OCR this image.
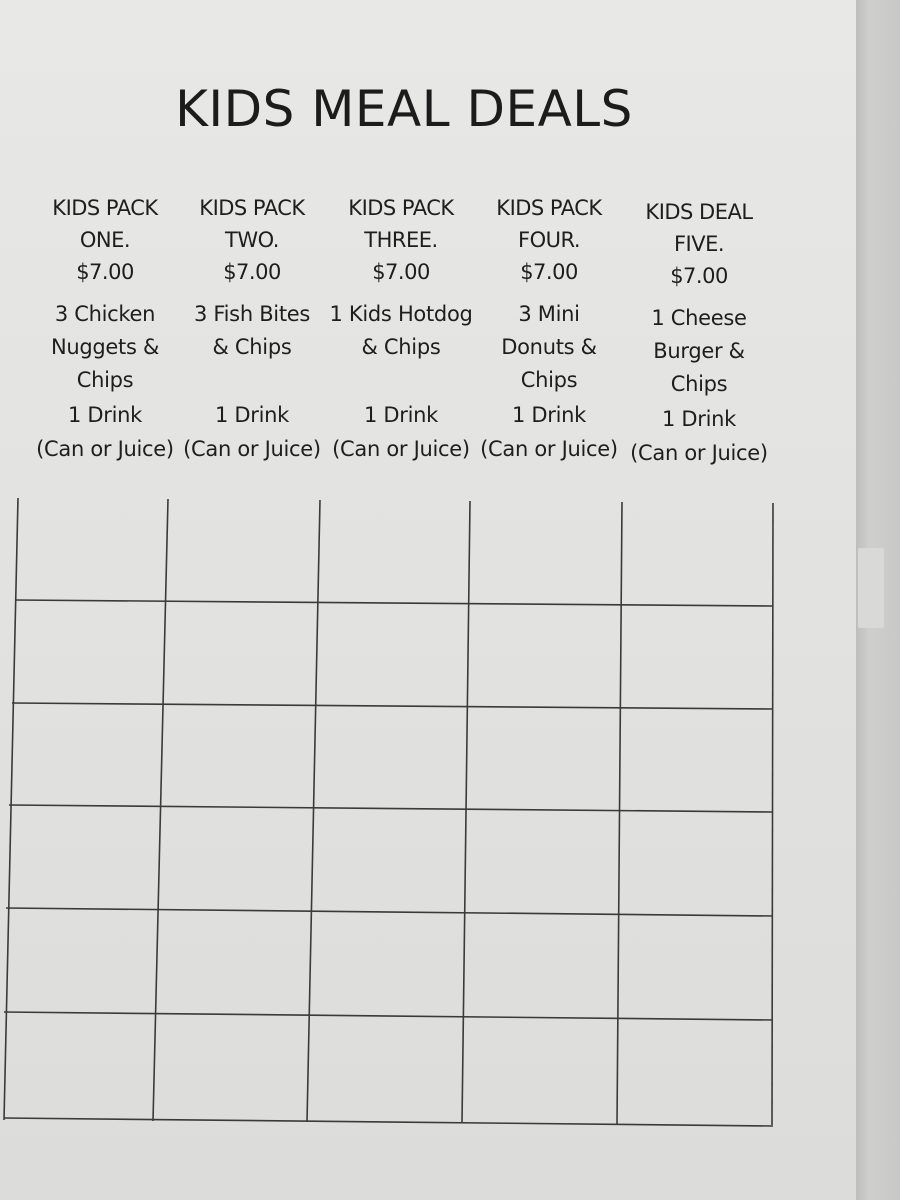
KIDS MEAL DEALS
KIDS PACK
ONE.
$7.00
3 Chicken
Nuggets &
Chips
1 Drink
(Can or Juice)
KIDS PACK
TWO.
$7.00
3 Fish Bites
& Chips
1 Drink
(Can or Juice)
KIDS PACK
THREE.
$7.00
1 Kids Hotdog
& Chips
1 Drink
(Can or Juice)
KIDS PACK
FOUR.
$7.00
3 Mini
Donuts &
Chips
1 Drink
(Can or Juice)
KIDS DEAL
FIVE.
$7.00
1 Cheese
Burger &
Chips
1 Drink
(Can or Juice)
